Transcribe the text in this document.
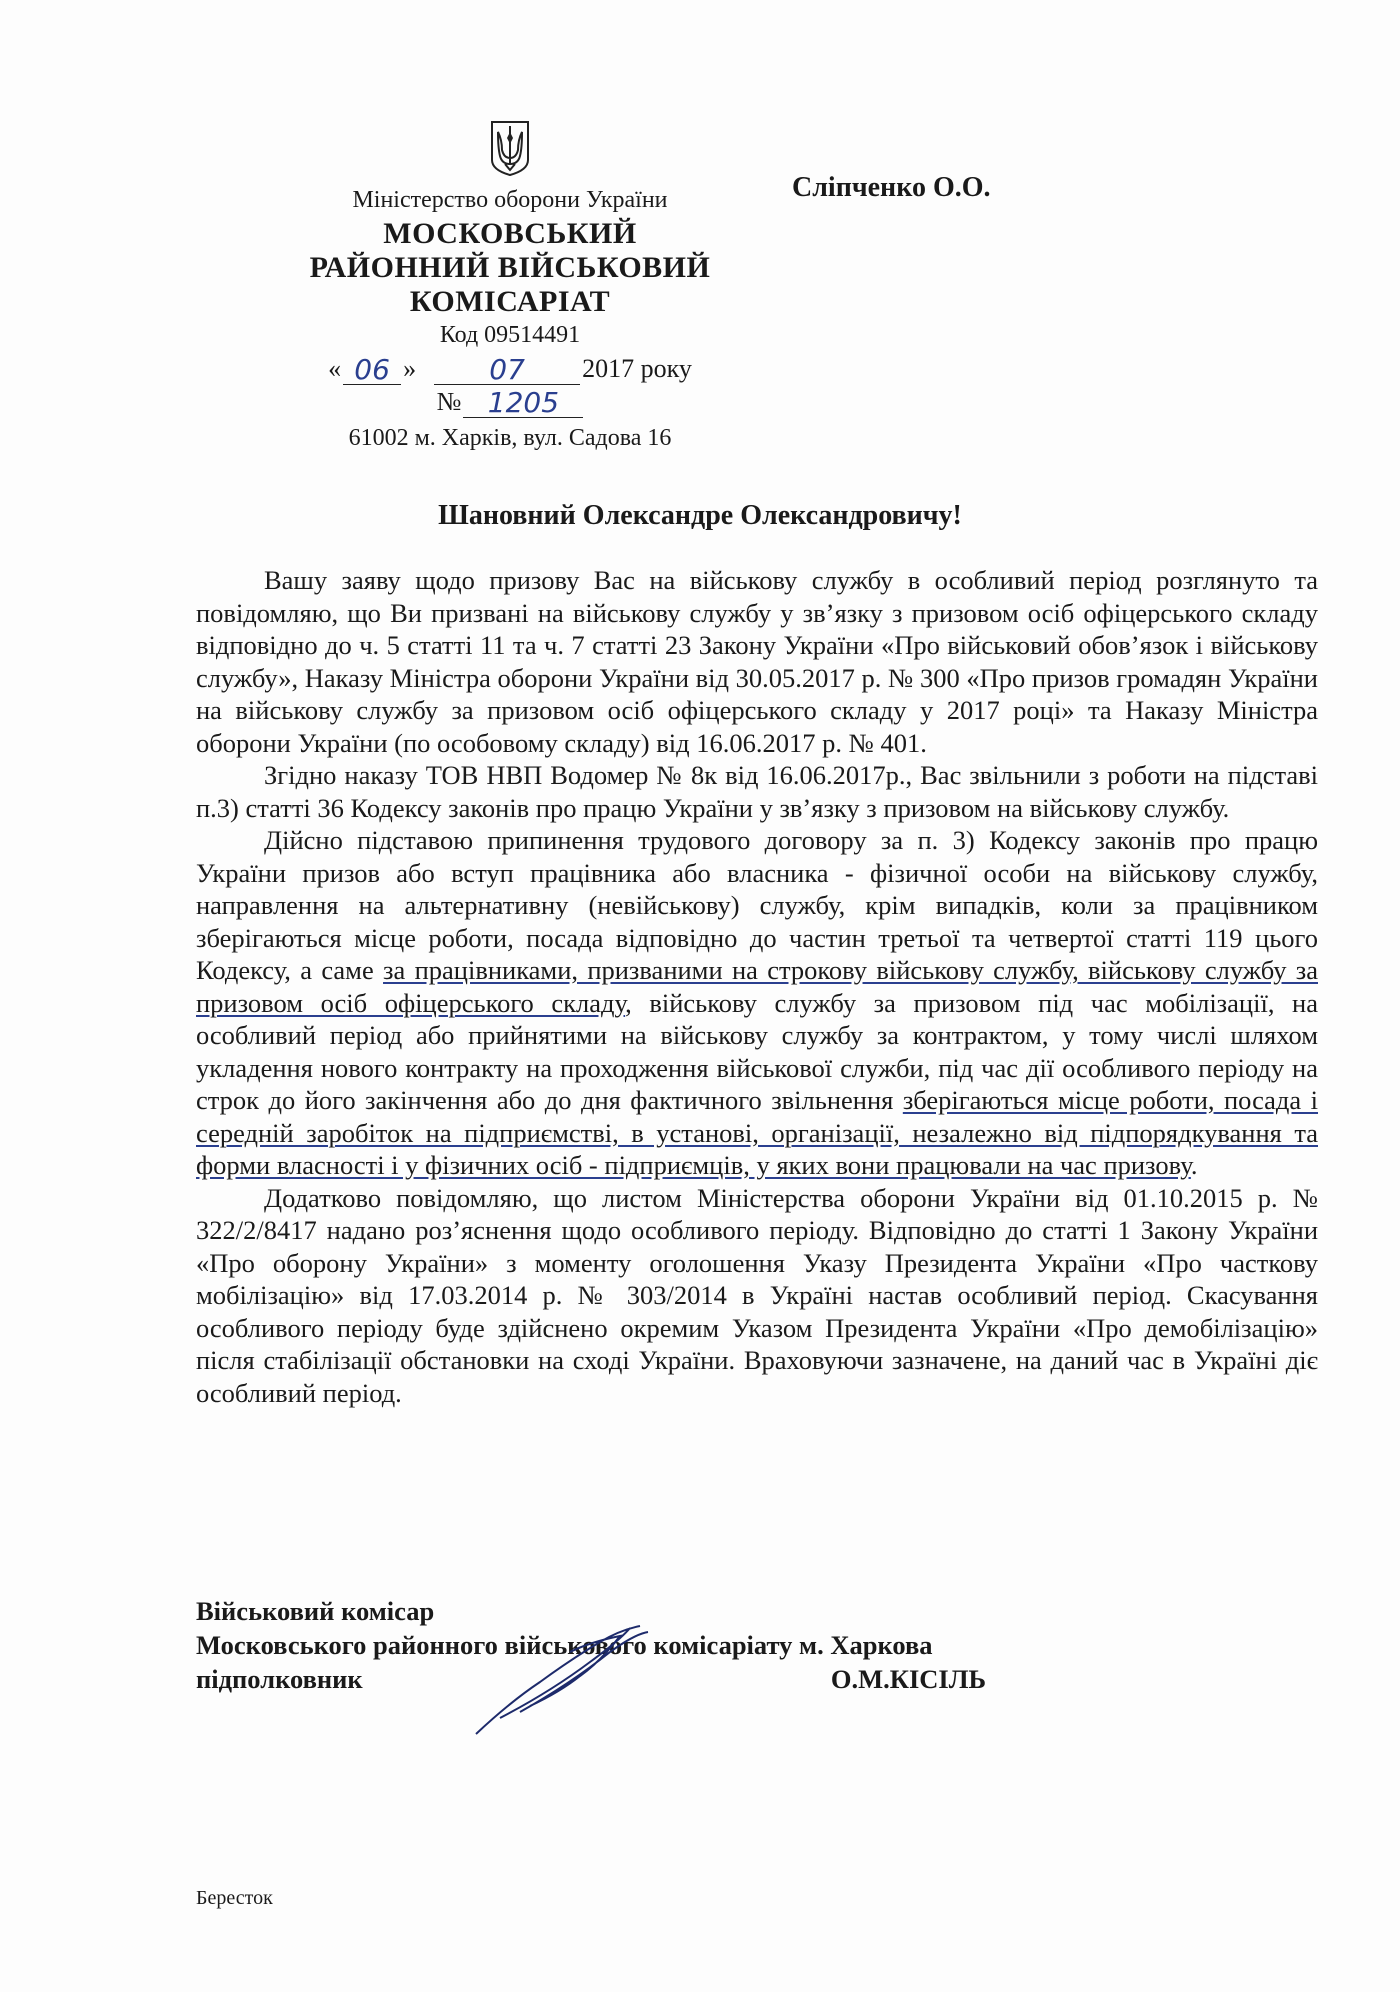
Міністерство оборони України
МОСКОВСЬКИЙ
РАЙОННИЙ ВІЙСЬКОВИЙ
КОМІСАРІАТ
Код 09514491
« 06 »	07	2017 року
№ 1205
61002 м. Харків, вул. Садова 16
Сліпченко О.О.
Шановний Олександре Олександровичу!

Вашу заяву щодо призову Вас на військову службу в особливий період розглянуто та повідомляю, що Ви призвані на військову службу у зв’язку з призовом осіб офіцерського складу відповідно до ч. 5 статті 11 та ч. 7 статті 23 Закону України «Про військовий обов’язок і військову службу», Наказу Міністра оборони України від 30.05.2017 р. № 300 «Про призов громадян України на військову службу за призовом осіб офіцерського складу у 2017 році» та Наказу Міністра оборони України (по особовому складу) від 16.06.2017 р. № 401.

Згідно наказу ТОВ НВП Водомер № 8к від 16.06.2017р., Вас звільнили з роботи на підставі п.3) статті 36 Кодексу законів про працю України у зв’язку з призовом на військову службу.

Дійсно підставою припинення трудового договору за п. 3) Кодексу законів про працю України призов або вступ працівника або власника - фізичної особи на військову службу, направлення на альтернативну (невійськову) службу, крім випадків, коли за працівником зберігаються місце роботи, посада відповідно до частин третьої та четвертої статті 119 цього Кодексу, а саме за працівниками, призваними на строкову військову службу, військову службу за призовом осіб офіцерського складу, військову службу за призовом під час мобілізації, на особливий період або прийнятими на військову службу за контрактом, у тому числі шляхом укладення нового контракту на проходження військової служби, під час дії особливого періоду на строк до його закінчення або до дня фактичного звільнення зберігаються місце роботи, посада і середній заробіток на підприємстві, в установі, організації, незалежно від підпорядкування та форми власності і у фізичних осіб - підприємців, у яких вони працювали на час призову.

Додатково повідомляю, що листом Міністерства оборони України від 01.10.2015 р. № 322/2/8417 надано роз’яснення щодо особливого періоду. Відповідно до статті 1 Закону України «Про оборону України» з моменту оголошення Указу Президента України «Про часткову мобілізацію» від 17.03.2014 р. № 303/2014 в Україні настав особливий період. Скасування особливого періоду буде здійснено окремим Указом Президента України «Про демобілізацію» після стабілізації обстановки на сході України. Враховуючи зазначене, на даний час в Україні діє особливий період.

Військовий комісар
Московського районного військового комісаріату м. Харкова
підполковник	О.М.КІСІЛЬ
Бересток
